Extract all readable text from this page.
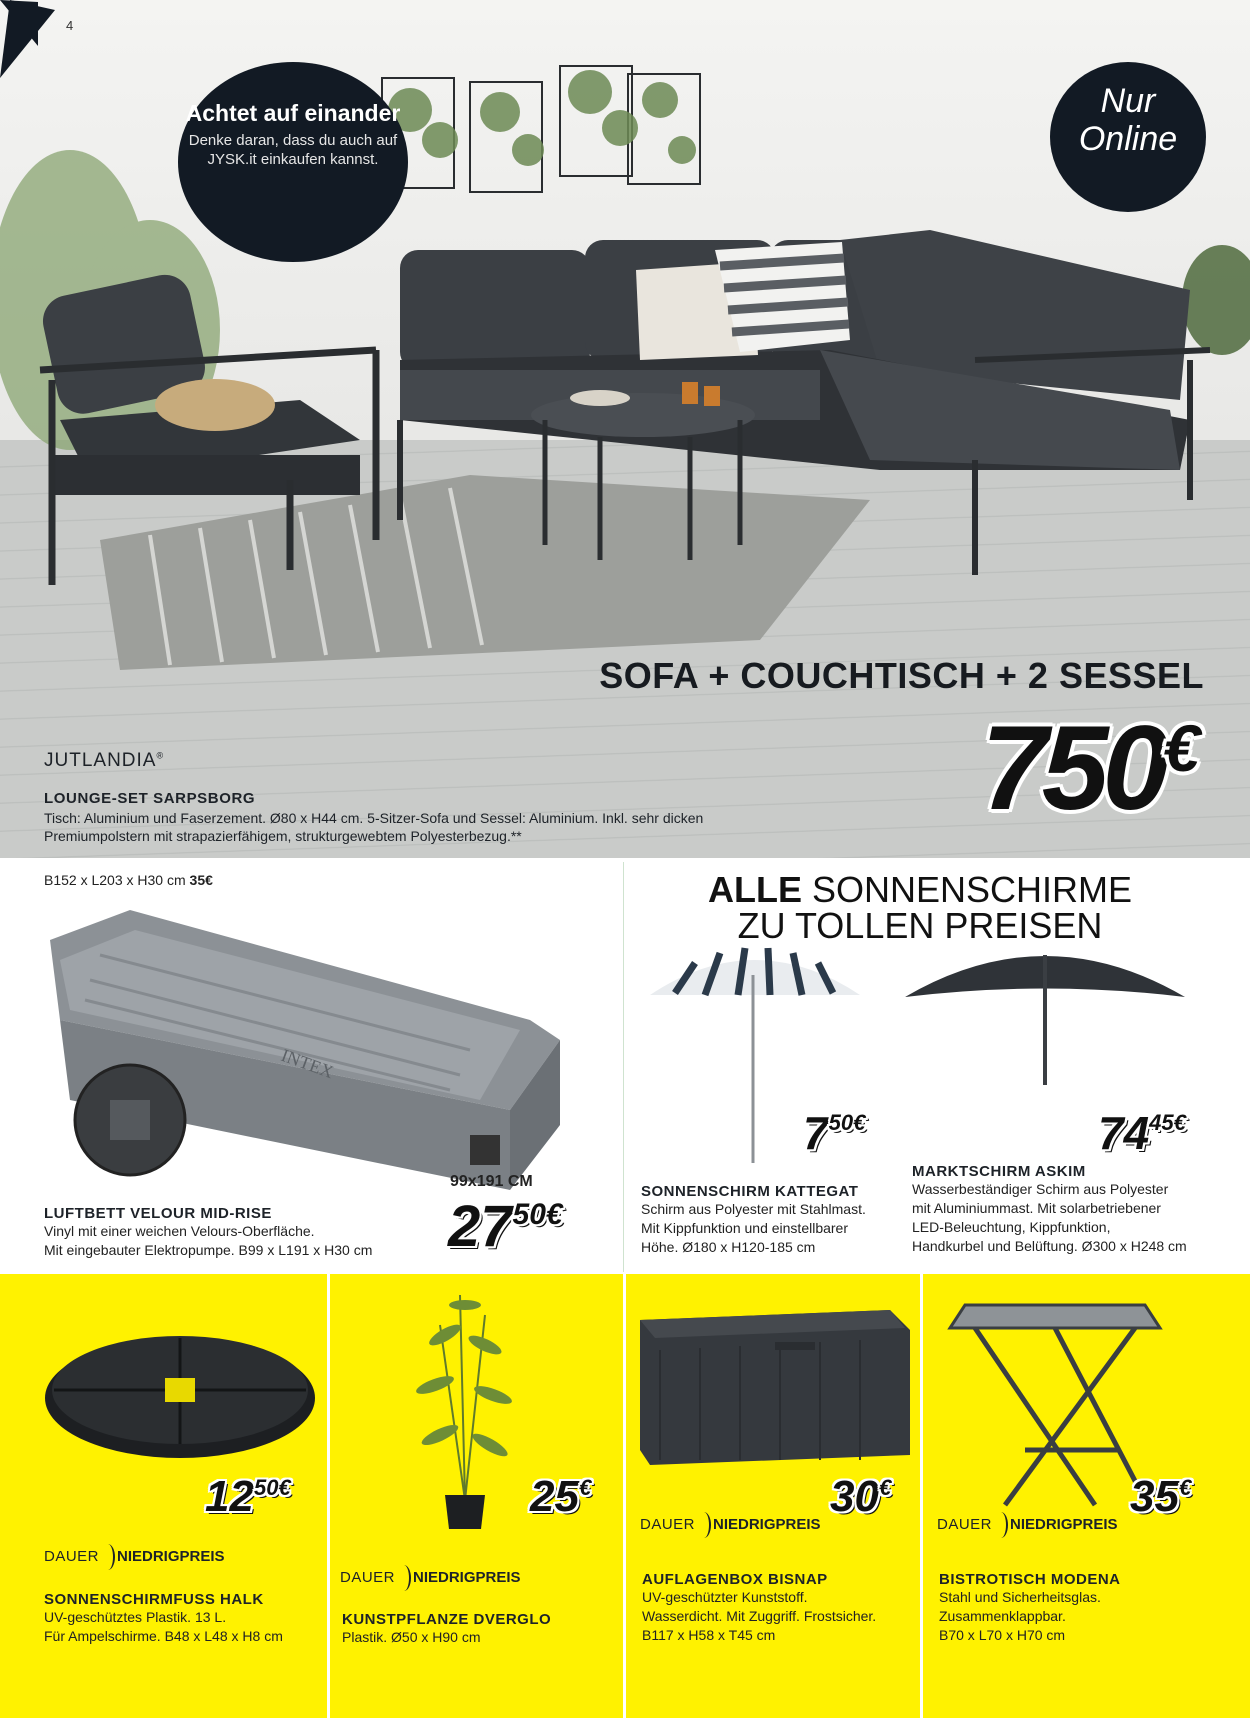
Achtet auf einander
Denke daran, dass du auch auf JYSK.it einkaufen kannst.
Nur Online
SOFA + COUCHTISCH + 2 SESSEL
750€
JUTLANDIA®
LOUNGE-SET SARPSBORG
Tisch: Aluminium und Faserzement. Ø80 x H44 cm. 5-Sitzer-Sofa und Sessel: Aluminium. Inkl. sehr dicken Premiumpolstern mit strapazierfähigem, strukturgewebtem Polyesterbezug.**
4
B152 x L203 x H30 cm 35€
INTEX
99x191 CM
2750€
LUFTBETT VELOUR MID-RISE
Vinyl mit einer weichen Velours-Oberfläche.
Mit eingebauter Elektropumpe. B99 x L191 x H30 cm
ALLE SONNENSCHIRME
ZU TOLLEN PREISEN
750€	7445€
SONNENSCHIRM KATTEGAT
Schirm aus Polyester mit Stahlmast.
Mit Kippfunktion und einstellbarer
Höhe. Ø180 x H120-185 cm
MARKTSCHIRM ASKIM
Wasserbeständiger Schirm aus Polyester
mit Aluminiummast. Mit solarbetriebener
LED-Beleuchtung, Kippfunktion,
Handkurbel und Belüftung. Ø300 x H248 cm
1250€
DAUER NIEDRIGPREIS
SONNENSCHIRMFUSS HALK
UV-geschütztes Plastik. 13 L.
Für Ampelschirme. B48 x L48 x H8 cm
25€
DAUER NIEDRIGPREIS
KUNSTPFLANZE DVERGLO
Plastik. Ø50 x H90 cm
30€
DAUER NIEDRIGPREIS
AUFLAGENBOX BISNAP
UV-geschützter Kunststoff.
Wasserdicht. Mit Zuggriff. Frostsicher.
B117 x H58 x T45 cm
35€
DAUER NIEDRIGPREIS
BISTROTISCH MODENA
Stahl und Sicherheitsglas.
Zusammenklappbar.
B70 x L70 x H70 cm
